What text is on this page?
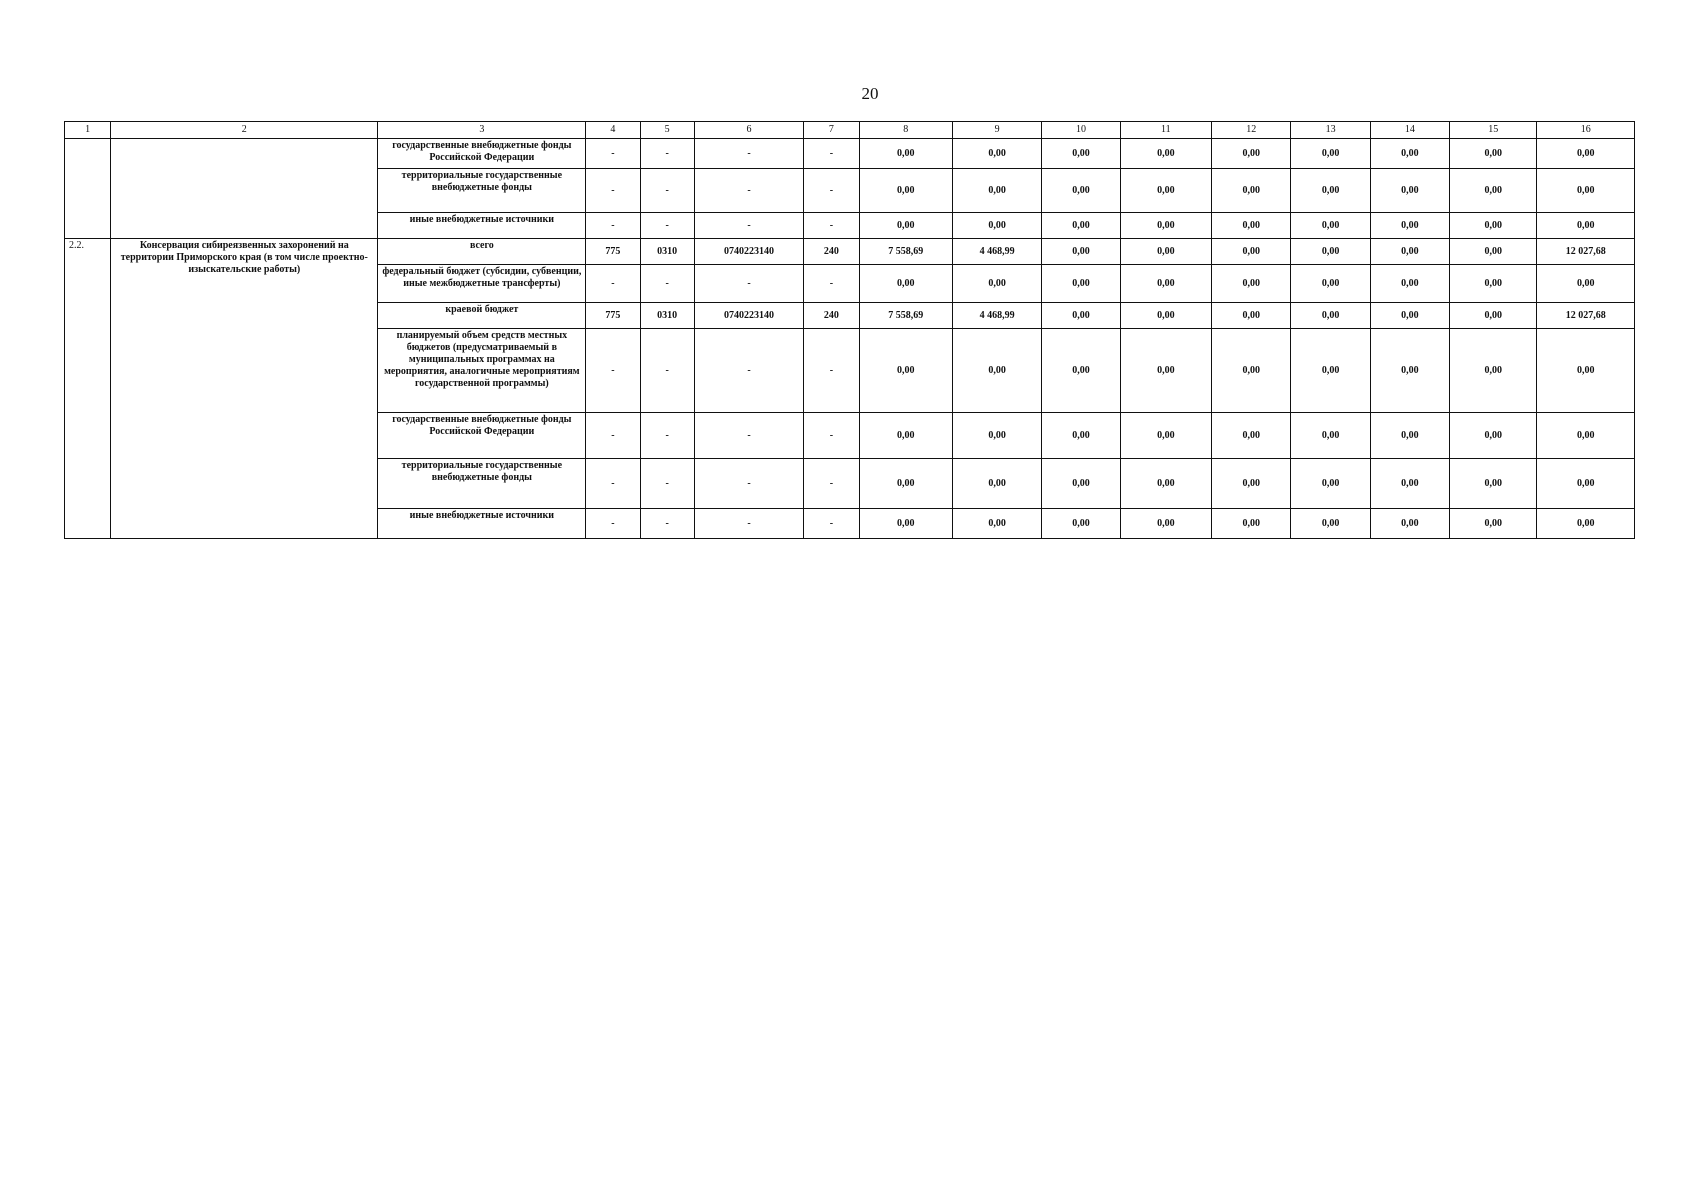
20
1	2	3	4	5	6	7	8	9	10	11	12	13	14	15	16
		государственные внебюджетные фонды Российской Федерации	-	-	-	-	0,00	0,00	0,00	0,00	0,00	0,00	0,00	0,00	0,00
		территориальные государственные внебюджетные фонды	-	-	-	-	0,00	0,00	0,00	0,00	0,00	0,00	0,00	0,00	0,00
		иные внебюджетные источники	-	-	-	-	0,00	0,00	0,00	0,00	0,00	0,00	0,00	0,00	0,00
2.2.	Консервация сибиреязвенных захоронений на территории Приморского края (в том числе проектно-изыскательские работы)	всего	775	0310	0740223140	240	7 558,69	4 468,99	0,00	0,00	0,00	0,00	0,00	0,00	12 027,68
		федеральный бюджет (субсидии, субвенции, иные межбюджетные трансферты)	-	-	-	-	0,00	0,00	0,00	0,00	0,00	0,00	0,00	0,00	0,00
		краевой бюджет	775	0310	0740223140	240	7 558,69	4 468,99	0,00	0,00	0,00	0,00	0,00	0,00	12 027,68
		планируемый объем средств местных бюджетов (предусматриваемый в муниципальных программах на мероприятия, аналогичные мероприятиям государственной программы)	-	-	-	-	0,00	0,00	0,00	0,00	0,00	0,00	0,00	0,00	0,00
		государственные внебюджетные фонды Российской Федерации	-	-	-	-	0,00	0,00	0,00	0,00	0,00	0,00	0,00	0,00	0,00
		территориальные государственные внебюджетные фонды	-	-	-	-	0,00	0,00	0,00	0,00	0,00	0,00	0,00	0,00	0,00
		иные внебюджетные источники	-	-	-	-	0,00	0,00	0,00	0,00	0,00	0,00	0,00	0,00	0,00
